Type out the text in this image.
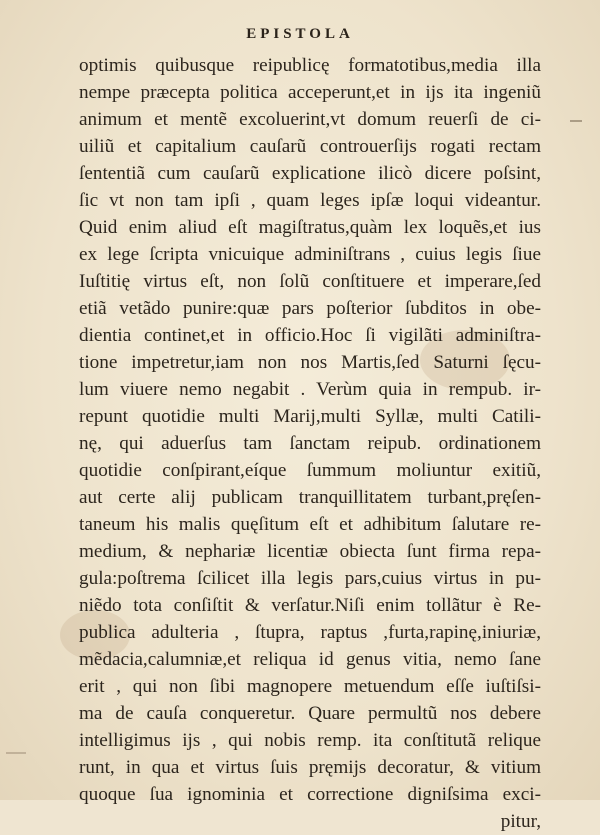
EPISTOLA
optimis quibusque reipublicę formatotibus,media illa
nempe præcepta politica acceperunt,et in ijs ita ingeniũ
animum et mentẽ excoluerint,vt domum reuerſi de ci-
uiliũ et capitalium cauſarũ controuerſijs rogati rectam
ſententiã cum cauſarũ explicatione ilicò dicere poſsint,
ſic vt non tam ipſi , quam leges ipſæ loqui videantur.
Quid enim aliud eſt magiſtratus,quàm lex loquẽs,et ius
ex lege ſcripta vnicuique adminiſtrans , cuius legis ſiue
Iuſtitię virtus eſt, non ſolũ conſtituere et imperare,ſed
etiã vetãdo punire:quæ pars poſterior ſubditos in obe-
dientia continet,et in officio.Hoc ſi vigilãti adminiſtra-
tione impetretur,iam non nos Martis,ſed Saturni ſęcu-
lum viuere nemo negabit . Verùm quia in rempub. ir-
repunt quotidie multi Marij,multi Syllæ, multi Catili-
nę, qui aduerſus tam ſanctam reipub. ordinationem
quotidie conſpirant,eíque ſummum moliuntur exitiũ,
aut certe alij publicam tranquillitatem turbant,pręſen-
taneum his malis quęſitum eſt et adhibitum ſalutare re-
medium, & nephariæ licentiæ obiecta ſunt firma repa-
gula:poſtrema ſcilicet illa legis pars,cuius virtus in pu-
niẽdo tota conſiſtit & verſatur.Niſi enim tollãtur è Re-
publica adulteria , ſtupra, raptus ,furta,rapinę,iniuriæ,
mẽdacia,calumniæ,et reliqua id genus vitia, nemo ſane
erit , qui non ſibi magnopere metuendum eſſe iuſtiſsi-
ma de cauſa conqueretur. Quare permultũ nos debere
intelligimus ijs , qui nobis remp. ita conſtitutã relique
runt, in qua et virtus ſuis pręmijs decoratur, & vitium
quoque ſua ignominia et correctione digniſsima exci-
pitur,
